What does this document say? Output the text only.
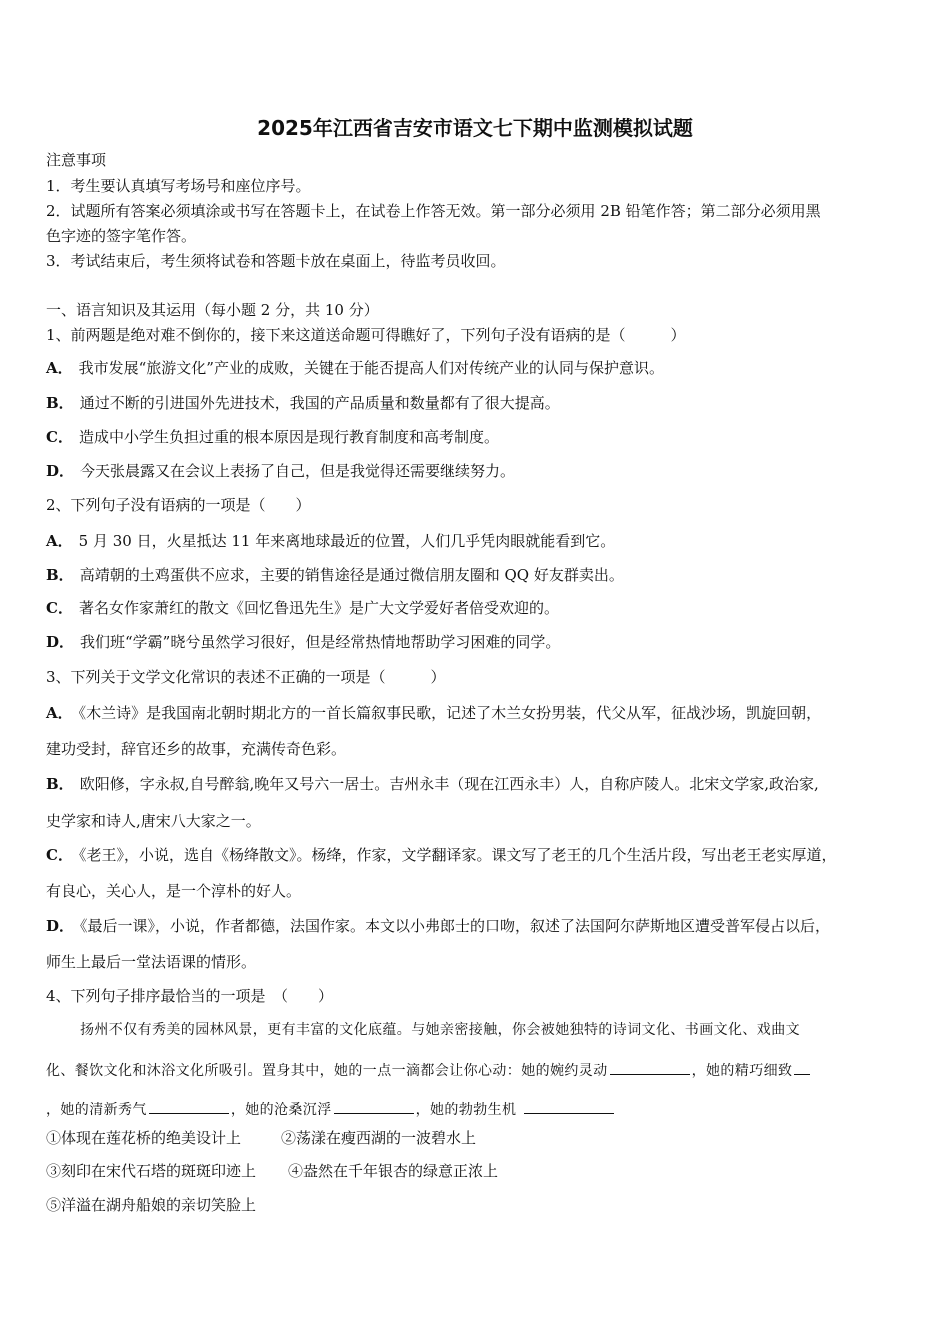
2025年江西省吉安市语文七下期中监测模拟试题
注意事项
1．考生要认真填写考场号和座位序号。
2．试题所有答案必须填涂或书写在答题卡上，在试卷上作答无效。第一部分必须用 2B 铅笔作答；第二部分必须用黑
色字迹的签字笔作答。
3．考试结束后，考生须将试卷和答题卡放在桌面上，待监考员收回。
一、语言知识及其运用（每小题 2 分，共 10 分）
1、前两题是绝对难不倒你的，接下来这道送命题可得瞧好了，下列句子没有语病的是（　　　）
A． 我市发展“旅游文化”产业的成败，关键在于能否提高人们对传统产业的认同与保护意识。
B． 通过不断的引进国外先进技术，我国的产品质量和数量都有了很大提高。
C． 造成中小学生负担过重的根本原因是现行教育制度和高考制度。
D． 今天张晨露又在会议上表扬了自己，但是我觉得还需要继续努力。
2、下列句子没有语病的一项是（　　）
A． 5 月 30 日，火星抵达 11 年来离地球最近的位置，人们几乎凭肉眼就能看到它。
B． 高靖朝的土鸡蛋供不应求，主要的销售途径是通过微信朋友圈和 QQ 好友群卖出。
C． 著名女作家萧红的散文《回忆鲁迅先生》是广大文学爱好者倍受欢迎的。
D． 我们班“学霸”晓兮虽然学习很好，但是经常热情地帮助学习困难的同学。
3、下列关于文学文化常识的表述不正确的一项是（　　　）
A． 《木兰诗》是我国南北朝时期北方的一首长篇叙事民歌，记述了木兰女扮男装，代父从军，征战沙场，凯旋回朝，
建功受封，辞官还乡的故事，充满传奇色彩。
B． 欧阳修，字永叔,自号醉翁,晚年又号六一居士。吉州永丰（现在江西永丰）人，自称庐陵人。北宋文学家,政治家,
史学家和诗人,唐宋八大家之一。
C． 《老王》，小说，选自《杨绛散文》。杨绛，作家，文学翻译家。课文写了老王的几个生活片段，写出老王老实厚道，
有良心，关心人，是一个淳朴的好人。
D． 《最后一课》，小说，作者都德，法国作家。本文以小弗郎士的口吻，叙述了法国阿尔萨斯地区遭受普军侵占以后，
师生上最后一堂法语课的情形。
4、下列句子排序最恰当的一项是　（　　）
扬州不仅有秀美的园林风景，更有丰富的文化底蕴。与她亲密接触，你会被她独特的诗词文化、书画文化、戏曲文
化、餐饮文化和沐浴文化所吸引。置身其中，她的一点一滴都会让你心动：她的婉约灵动	，她的精巧细致
，她的清新秀气	，她的沧桑沉浮	，她的勃勃生机
①体现在莲花桥的绝美设计上	②荡漾在瘦西湖的一波碧水上
③刻印在宋代石塔的斑斑印迹上 ④盎然在千年银杏的绿意正浓上
⑤洋溢在湖舟船娘的亲切笑脸上
